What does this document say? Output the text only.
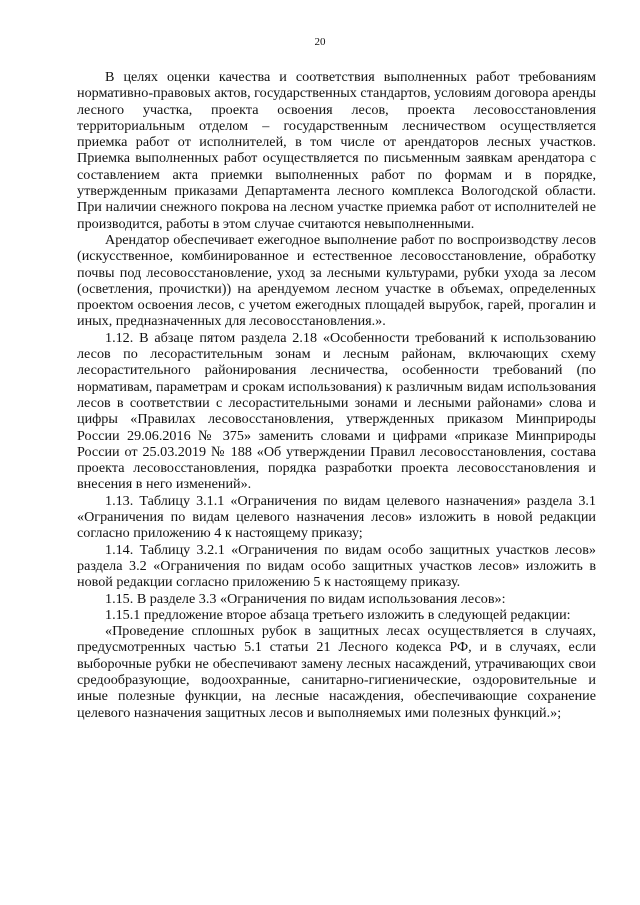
20

В целях оценки качества и соответствия выполненных работ требованиям нормативно-правовых актов, государственных стандартов, условиям договора аренды лесного участка, проекта освоения лесов, проекта лесовосстановления территориальным отделом – государственным лесничеством осуществляется приемка работ от исполнителей, в том числе от арендаторов лесных участков. Приемка выполненных работ осуществляется по письменным заявкам арендатора с составлением акта приемки выполненных работ по формам и в порядке, утвержденным приказами Департамента лесного комплекса Вологодской области. При наличии снежного покрова на лесном участке приемка работ от исполнителей не производится, работы в этом случае считаются невыполненными.

Арендатор обеспечивает ежегодное выполнение работ по воспроизводству лесов (искусственное, комбинированное и естественное лесовосстановление, обработку почвы под лесовосстановление, уход за лесными культурами, рубки ухода за лесом (осветления, прочистки)) на арендуемом лесном участке в объемах, определенных проектом освоения лесов, с учетом ежегодных площадей вырубок, гарей, прогалин и иных, предназначенных для лесовосстановления.».

1.12. В абзаце пятом раздела 2.18 «Особенности требований к использованию лесов по лесорастительным зонам и лесным районам, включающих схему лесорастительного районирования лесничества, особенности требований (по нормативам, параметрам и срокам использования) к различным видам использования лесов в соответствии с лесорастительными зонами и лесными районами» слова и цифры «Правилах лесовосстановления, утвержденных приказом Минприроды России 29.06.2016 № 375» заменить словами и цифрами «приказе Минприроды России от 25.03.2019 № 188 «Об утверждении Правил лесовосстановления, состава проекта лесовосстановления, порядка разработки проекта лесовосстановления и внесения в него изменений».

1.13. Таблицу 3.1.1 «Ограничения по видам целевого назначения» раздела 3.1 «Ограничения по видам целевого назначения лесов» изложить в новой редакции согласно приложению 4 к настоящему приказу;

1.14. Таблицу 3.2.1 «Ограничения по видам особо защитных участков лесов» раздела 3.2 «Ограничения по видам особо защитных участков лесов» изложить в новой редакции согласно приложению 5 к настоящему приказу.

1.15. В разделе 3.3 «Ограничения по видам использования лесов»:

1.15.1 предложение второе абзаца третьего изложить в следующей редакции:

«Проведение сплошных рубок в защитных лесах осуществляется в случаях, предусмотренных частью 5.1 статьи 21 Лесного кодекса РФ, и в случаях, если выборочные рубки не обеспечивают замену лесных насаждений, утрачивающих свои средообразующие, водоохранные, санитарно-гигиенические, оздоровительные и иные полезные функции, на лесные насаждения, обеспечивающие сохранение целевого назначения защитных лесов и выполняемых ими полезных функций.»;
